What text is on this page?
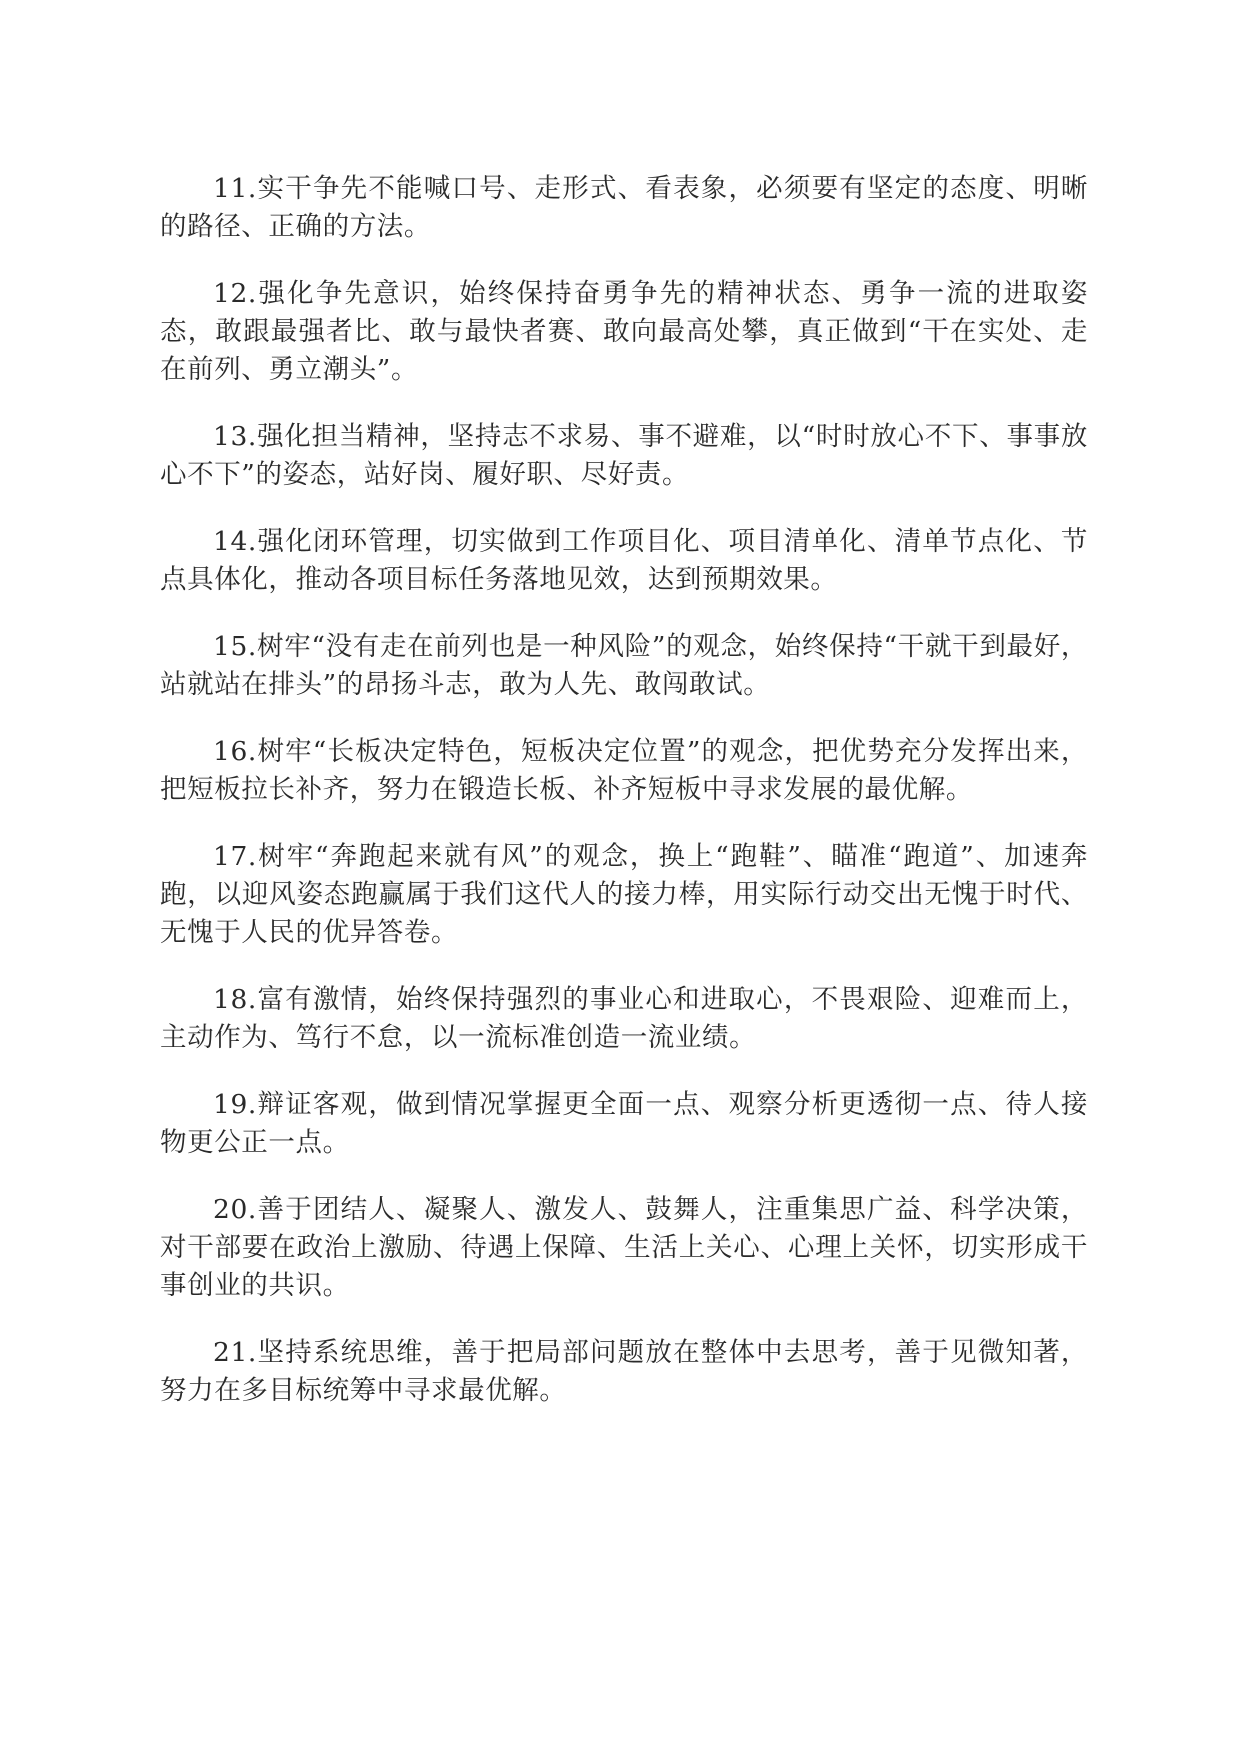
11.实干争先不能喊口号、走形式、看表象，必须要有坚定的态度、明晰的路径、正确的方法。

12.强化争先意识，始终保持奋勇争先的精神状态、勇争一流的进取姿态，敢跟最强者比、敢与最快者赛、敢向最高处攀，真正做到“干在实处、走在前列、勇立潮头”。

13.强化担当精神，坚持志不求易、事不避难，以“时时放心不下、事事放心不下”的姿态，站好岗、履好职、尽好责。

14.强化闭环管理，切实做到工作项目化、项目清单化、清单节点化、节点具体化，推动各项目标任务落地见效，达到预期效果。

15.树牢“没有走在前列也是一种风险”的观念，始终保持“干就干到最好，站就站在排头”的昂扬斗志，敢为人先、敢闯敢试。

16.树牢“长板决定特色，短板决定位置”的观念，把优势充分发挥出来，把短板拉长补齐，努力在锻造长板、补齐短板中寻求发展的最优解。

17.树牢“奔跑起来就有风”的观念，换上“跑鞋”、瞄准“跑道”、加速奔跑，以迎风姿态跑赢属于我们这代人的接力棒，用实际行动交出无愧于时代、无愧于人民的优异答卷。

18.富有激情，始终保持强烈的事业心和进取心，不畏艰险、迎难而上，主动作为、笃行不怠，以一流标准创造一流业绩。

19.辩证客观，做到情况掌握更全面一点、观察分析更透彻一点、待人接物更公正一点。

20.善于团结人、凝聚人、激发人、鼓舞人，注重集思广益、科学决策，对干部要在政治上激励、待遇上保障、生活上关心、心理上关怀，切实形成干事创业的共识。

21.坚持系统思维，善于把局部问题放在整体中去思考，善于见微知著，努力在多目标统筹中寻求最优解。
